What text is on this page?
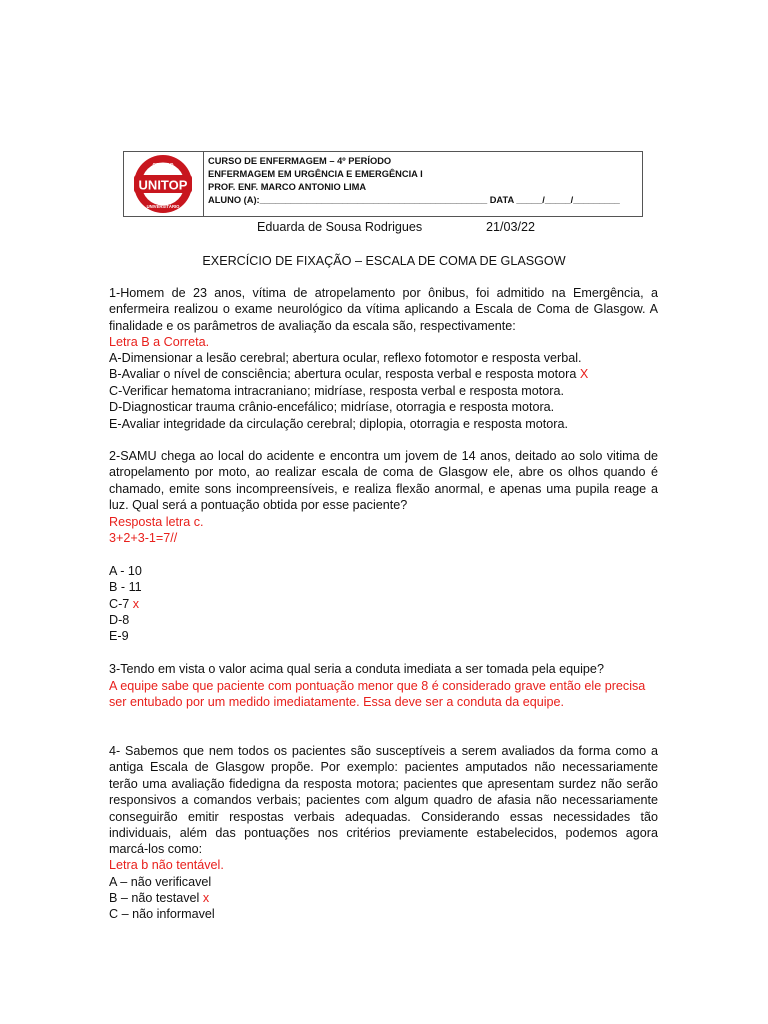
UNITOP
CENTRO
UNIVERSITÁRIO
CURSO DE ENFERMAGEM – 4º PERÍODO
ENFERMAGEM EM URGÊNCIA E EMERGÊNCIA I
PROF. ENF. MARCO ANTONIO LIMA
ALUNO (A):____________________________________________ DATA _____/_____/_________
Eduarda de Sousa Rodrigues	21/03/22
EXERCÍCIO DE FIXAÇÃO – ESCALA DE COMA DE GLASGOW
1-Homem de 23 anos, vítima de atropelamento por ônibus, foi admitido na Emergência, a
enfermeira realizou o exame neurológico da vítima aplicando a Escala de Coma de Glasgow. A
finalidade e os parâmetros de avaliação da escala são, respectivamente:
Letra B a Correta.
A-Dimensionar a lesão cerebral; abertura ocular, reflexo fotomotor e resposta verbal.
B-Avaliar o nível de consciência; abertura ocular, resposta verbal e resposta motora X
C-Verificar hematoma intracraniano; midríase, resposta verbal e resposta motora.
D-Diagnosticar trauma crânio-encefálico; midríase, otorragia e resposta motora.
E-Avaliar integridade da circulação cerebral; diplopia, otorragia e resposta motora.
2-SAMU chega ao local do acidente e encontra um jovem de 14 anos, deitado ao solo vitima de
atropelamento por moto, ao realizar escala de coma de Glasgow ele, abre os olhos quando é
chamado, emite sons incompreensíveis, e realiza flexão anormal, e apenas uma pupila reage a
luz. Qual será a pontuação obtida por esse paciente?
Resposta letra c.
3+2+3-1=7//
A - 10
B - 11
C-7 x
D-8
E-9
3-Tendo em vista o valor acima qual seria a conduta imediata a ser tomada pela equipe?
A equipe sabe que paciente com pontuação menor que 8 é considerado grave então ele precisa
ser entubado por um medido imediatamente. Essa deve ser a conduta da equipe.
4- Sabemos que nem todos os pacientes são susceptíveis a serem avaliados da forma como a
antiga Escala de Glasgow propõe. Por exemplo: pacientes amputados não necessariamente
terão uma avaliação fidedigna da resposta motora; pacientes que apresentam surdez não serão
responsivos a comandos verbais; pacientes com algum quadro de afasia não necessariamente
conseguirão emitir respostas verbais adequadas. Considerando essas necessidades tão
individuais, além das pontuações nos critérios previamente estabelecidos, podemos agora
marcá-los como:
Letra b não tentável.
A – não verificavel
B – não testavel x
C – não informavel
